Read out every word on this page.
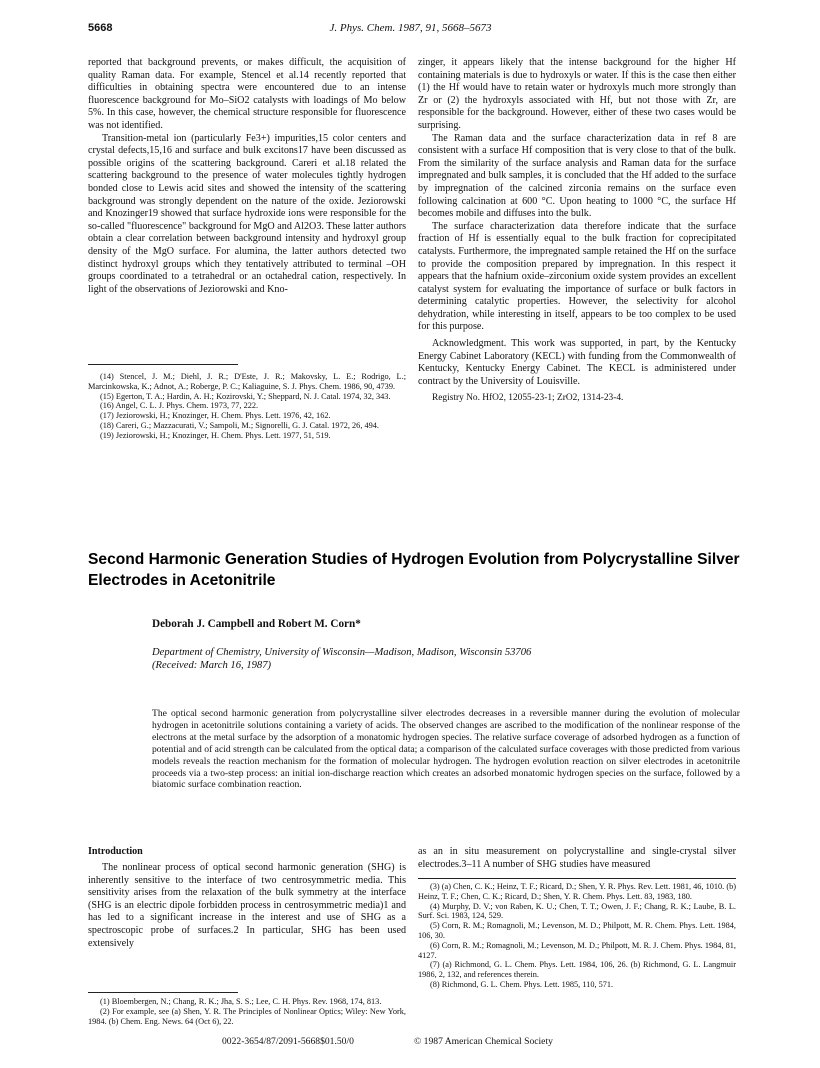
5668	J. Phys. Chem. 1987, 91, 5668–5673

reported that background prevents, or makes difficult, the acquisition of quality Raman data. For example, Stencel et al.14 recently reported that difficulties in obtaining spectra were encountered due to an intense fluorescence background for Mo–SiO2 catalysts with loadings of Mo below 5%. In this case, however, the chemical structure responsible for fluorescence was not identified.

Transition-metal ion (particularly Fe3+) impurities,15 color centers and crystal defects,15,16 and surface and bulk excitons17 have been discussed as possible origins of the scattering background. Careri et al.18 related the scattering background to the presence of water molecules tightly hydrogen bonded close to Lewis acid sites and showed the intensity of the scattering background was strongly dependent on the nature of the oxide. Jeziorowski and Knozinger19 showed that surface hydroxide ions were responsible for the so-called "fluorescence" background for MgO and Al2O3. These latter authors obtain a clear correlation between background intensity and hydroxyl group density of the MgO surface. For alumina, the latter authors detected two distinct hydroxyl groups which they tentatively attributed to terminal –OH groups coordinated to a tetrahedral or an octahedral cation, respectively. In light of the observations of Jeziorowski and Kno-

(14) Stencel, J. M.; Diehl, J. R.; D'Este, J. R.; Makovsky, L. E.; Rodrigo, L.; Marcinkowska, K.; Adnot, A.; Roberge, P. C.; Kaliaguine, S. J. Phys. Chem. 1986, 90, 4739.
(15) Egerton, T. A.; Hardin, A. H.; Kozirovski, Y.; Sheppard, N. J. Catal. 1974, 32, 343.
(16) Angel, C. L. J. Phys. Chem. 1973, 77, 222.
(17) Jeziorowski, H.; Knozinger, H. Chem. Phys. Lett. 1976, 42, 162.
(18) Careri, G.; Mazzacurati, V.; Sampoli, M.; Signorelli, G. J. Catal. 1972, 26, 494.
(19) Jeziorowski, H.; Knozinger, H. Chem. Phys. Lett. 1977, 51, 519.

zinger, it appears likely that the intense background for the higher Hf containing materials is due to hydroxyls or water. If this is the case then either (1) the Hf would have to retain water or hydroxyls much more strongly than Zr or (2) the hydroxyls associated with Hf, but not those with Zr, are responsible for the background. However, either of these two cases would be surprising.

The Raman data and the surface characterization data in ref 8 are consistent with a surface Hf composition that is very close to that of the bulk. From the similarity of the surface analysis and Raman data for the surface impregnated and bulk samples, it is concluded that the Hf added to the surface by impregnation of the calcined zirconia remains on the surface even following calcination at 600 °C. Upon heating to 1000 °C, the surface Hf becomes mobile and diffuses into the bulk.

The surface characterization data therefore indicate that the surface fraction of Hf is essentially equal to the bulk fraction for coprecipitated catalysts. Furthermore, the impregnated sample retained the Hf on the surface to provide the composition prepared by impregnation. In this respect it appears that the hafnium oxide–zirconium oxide system provides an excellent catalyst system for evaluating the importance of surface or bulk factors in determining catalytic properties. However, the selectivity for alcohol dehydration, while interesting in itself, appears to be too complex to be used for this purpose.

Acknowledgment. This work was supported, in part, by the Kentucky Energy Cabinet Laboratory (KECL) with funding from the Commonwealth of Kentucky, Kentucky Energy Cabinet. The KECL is administered under contract by the University of Louisville.

Registry No. HfO2, 12055-23-1; ZrO2, 1314-23-4.

Second Harmonic Generation Studies of Hydrogen Evolution from Polycrystalline Silver Electrodes in Acetonitrile
Deborah J. Campbell and Robert M. Corn*
Department of Chemistry, University of Wisconsin—Madison, Madison, Wisconsin 53706
(Received: March 16, 1987)
The optical second harmonic generation from polycrystalline silver electrodes decreases in a reversible manner during the evolution of molecular hydrogen in acetonitrile solutions containing a variety of acids. The observed changes are ascribed to the modification of the nonlinear response of the electrons at the metal surface by the adsorption of a monatomic hydrogen species. The relative surface coverage of adsorbed hydrogen as a function of potential and of acid strength can be calculated from the optical data; a comparison of the calculated surface coverages with those predicted from various models reveals the reaction mechanism for the formation of molecular hydrogen. The hydrogen evolution reaction on silver electrodes in acetonitrile proceeds via a two-step process: an initial ion-discharge reaction which creates an adsorbed monatomic hydrogen species on the surface, followed by a biatomic surface combination reaction.
Introduction

The nonlinear process of optical second harmonic generation (SHG) is inherently sensitive to the interface of two centrosymmetric media. This sensitivity arises from the relaxation of the bulk symmetry at the interface (SHG is an electric dipole forbidden process in centrosymmetric media)1 and has led to a significant increase in the interest and use of SHG as a spectroscopic probe of surfaces.2 In particular, SHG has been used extensively

(1) Bloembergen, N.; Chang, R. K.; Jha, S. S.; Lee, C. H. Phys. Rev. 1968, 174, 813.
(2) For example, see (a) Shen, Y. R. The Principles of Nonlinear Optics; Wiley: New York, 1984. (b) Chem. Eng. News. 64 (Oct 6), 22.

as an in situ measurement on polycrystalline and single-crystal silver electrodes.3–11 A number of SHG studies have measured

(3) (a) Chen, C. K.; Heinz, T. F.; Ricard, D.; Shen, Y. R. Phys. Rev. Lett. 1981, 46, 1010. (b) Heinz, T. F.; Chen, C. K.; Ricard, D.; Shen, Y. R. Chem. Phys. Lett. 83, 1983, 180.
(4) Murphy, D. V.; von Raben, K. U.; Chen, T. T.; Owen, J. F.; Chang, R. K.; Laube, B. L. Surf. Sci. 1983, 124, 529.
(5) Corn, R. M.; Romagnoli, M.; Levenson, M. D.; Philpott, M. R. Chem. Phys. Lett. 1984, 106, 30.
(6) Corn, R. M.; Romagnoli, M.; Levenson, M. D.; Philpott, M. R. J. Chem. Phys. 1984, 81, 4127.
(7) (a) Richmond, G. L. Chem. Phys. Lett. 1984, 106, 26. (b) Richmond, G. L. Langmuir 1986, 2, 132, and references therein.
(8) Richmond, G. L. Chem. Phys. Lett. 1985, 110, 571.
0022-3654/87/2091-5668$01.50/0	© 1987 American Chemical Society
